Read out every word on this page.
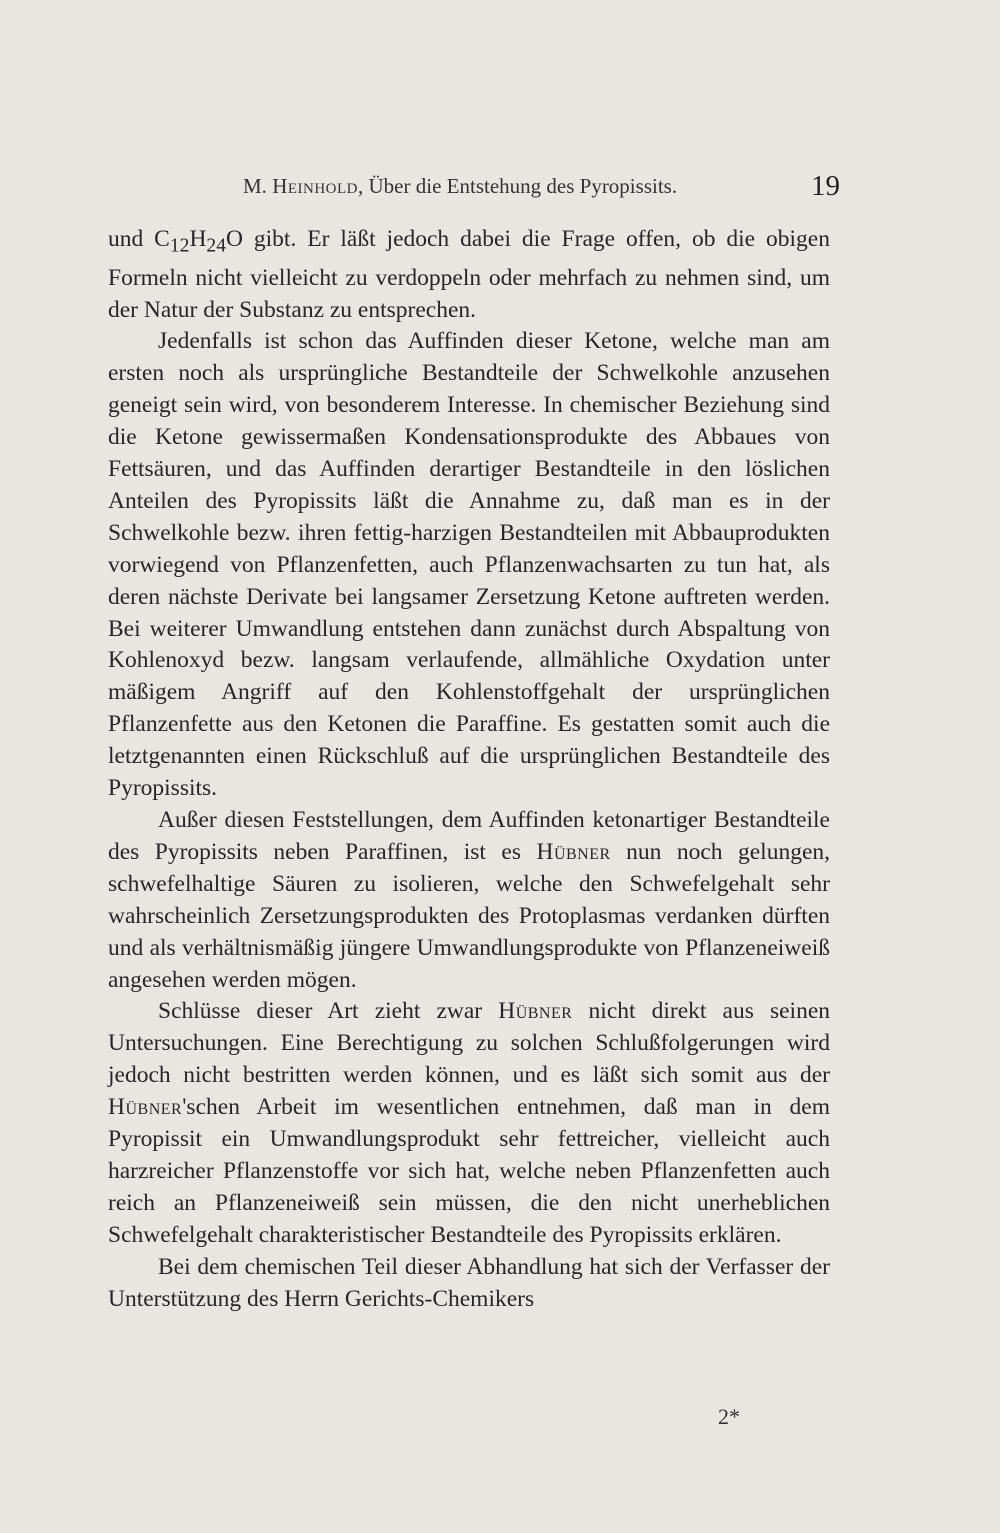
M. Heinhold, Über die Entstehung des Pyropissits.	19

und $C_{12}H_{24}O$ gibt. Er läßt jedoch dabei die Frage offen, ob die obigen Formeln nicht vielleicht zu verdoppeln oder mehrfach zu nehmen sind, um der Natur der Substanz zu entsprechen.

Jedenfalls ist schon das Auffinden dieser Ketone, welche man am ersten noch als ursprüngliche Bestandteile der Schwelkohle anzusehen geneigt sein wird, von besonderem Interesse. In chemischer Beziehung sind die Ketone gewissermaßen Kondensationsprodukte des Abbaues von Fettsäuren, und das Auffinden derartiger Bestandteile in den löslichen Anteilen des Pyropissits läßt die Annahme zu, daß man es in der Schwelkohle bezw. ihren fettig-harzigen Bestandteilen mit Abbauprodukten vorwiegend von Pflanzenfetten, auch Pflanzenwachsarten zu tun hat, als deren nächste Derivate bei langsamer Zersetzung Ketone auftreten werden. Bei weiterer Umwandlung entstehen dann zunächst durch Abspaltung von Kohlenoxyd bezw. langsam verlaufende, allmähliche Oxydation unter mäßigem Angriff auf den Kohlenstoffgehalt der ursprünglichen Pflanzenfette aus den Ketonen die Paraffine. Es gestatten somit auch die letztgenannten einen Rückschluß auf die ursprünglichen Bestandteile des Pyropissits.

Außer diesen Feststellungen, dem Auffinden ketonartiger Bestandteile des Pyropissits neben Paraffinen, ist es Hübner nun noch gelungen, schwefelhaltige Säuren zu isolieren, welche den Schwefelgehalt sehr wahrscheinlich Zersetzungsprodukten des Protoplasmas verdanken dürften und als verhältnismäßig jüngere Umwandlungsprodukte von Pflanzeneiweiß angesehen werden mögen.

Schlüsse dieser Art zieht zwar Hübner nicht direkt aus seinen Untersuchungen. Eine Berechtigung zu solchen Schlußfolgerungen wird jedoch nicht bestritten werden können, und es läßt sich somit aus der Hübner'schen Arbeit im wesentlichen entnehmen, daß man in dem Pyropissit ein Umwandlungsprodukt sehr fettreicher, vielleicht auch harzreicher Pflanzenstoffe vor sich hat, welche neben Pflanzenfetten auch reich an Pflanzeneiweiß sein müssen, die den nicht unerheblichen Schwefelgehalt charakteristischer Bestandteile des Pyropissits erklären.

Bei dem chemischen Teil dieser Abhandlung hat sich der Verfasser der Unterstützung des Herrn Gerichts-Chemikers

2*
